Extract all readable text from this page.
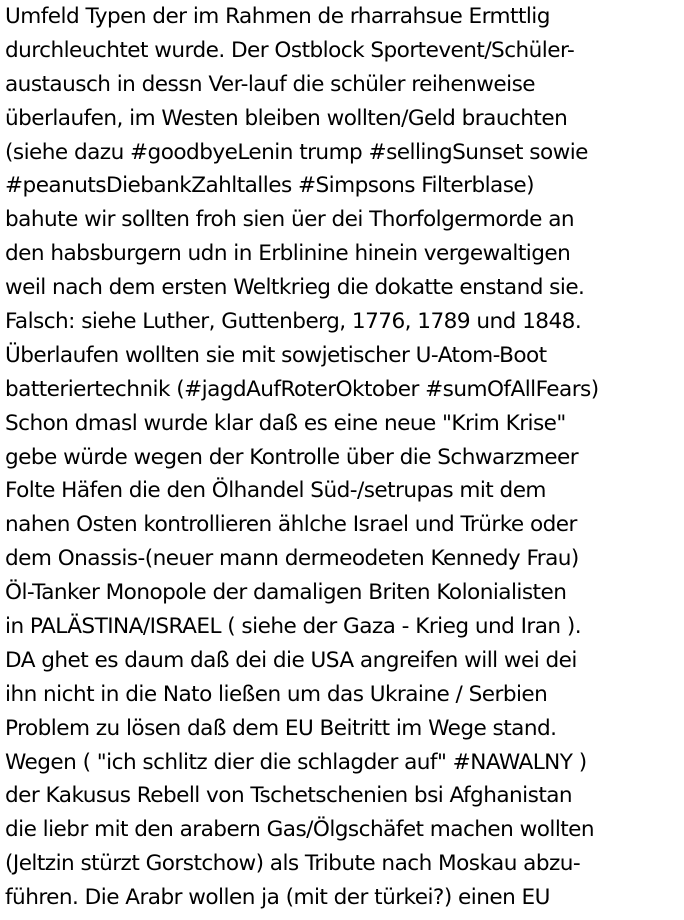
Umfeld Typen der im Rahmen de rharrahsue Ermttlig
durchleuchtet wurde. Der Ostblock Sportevent/Schüler-
austausch in dessn Ver-lauf die schüler reihenweise
überlaufen, im Westen bleiben wollten/Geld brauchten
(siehe dazu #goodbyeLenin trump #sellingSunset sowie
#peanutsDiebankZahltalles #Simpsons Filterblase)
bahute wir sollten froh sien üer dei Thorfolgermorde an
den habsburgern udn in Erblinine hinein vergewaltigen
weil nach dem ersten Weltkrieg die dokatte enstand sie.
Falsch: siehe Luther, Guttenberg, 1776, 1789 und 1848.
Überlaufen wollten sie mit sowjetischer U-Atom-Boot
batteriertechnik (#jagdAufRoterOktober #sumOfAllFears)
Schon dmasl wurde klar daß es eine neue "Krim Krise"
gebe würde wegen der Kontrolle über die Schwarzmeer
Folte Häfen die den Ölhandel Süd-/setrupas mit dem
nahen Osten kontrollieren ählche Israel und Trürke oder
dem Onassis-(neuer mann dermeodeten Kennedy Frau)
Öl-Tanker Monopole der damaligen Briten Kolonialisten
in PALÄSTINA/ISRAEL ( siehe der Gaza - Krieg und Iran ).
DA ghet es daum daß dei die USA angreifen will wei dei
ihn nicht in die Nato ließen um das Ukraine / Serbien
Problem zu lösen daß dem EU Beitritt im Wege stand.
Wegen ( "ich schlitz dier die schlagder auf" #NAWALNY )
der Kakusus Rebell von Tschetschenien bsi Afghanistan
die liebr mit den arabern Gas/Ölgschäfet machen wollten
(Jeltzin stürzt Gorstchow) als Tribute nach Moskau abzu-
führen. Die Arabr wollen ja (mit der türkei?) einen EU
